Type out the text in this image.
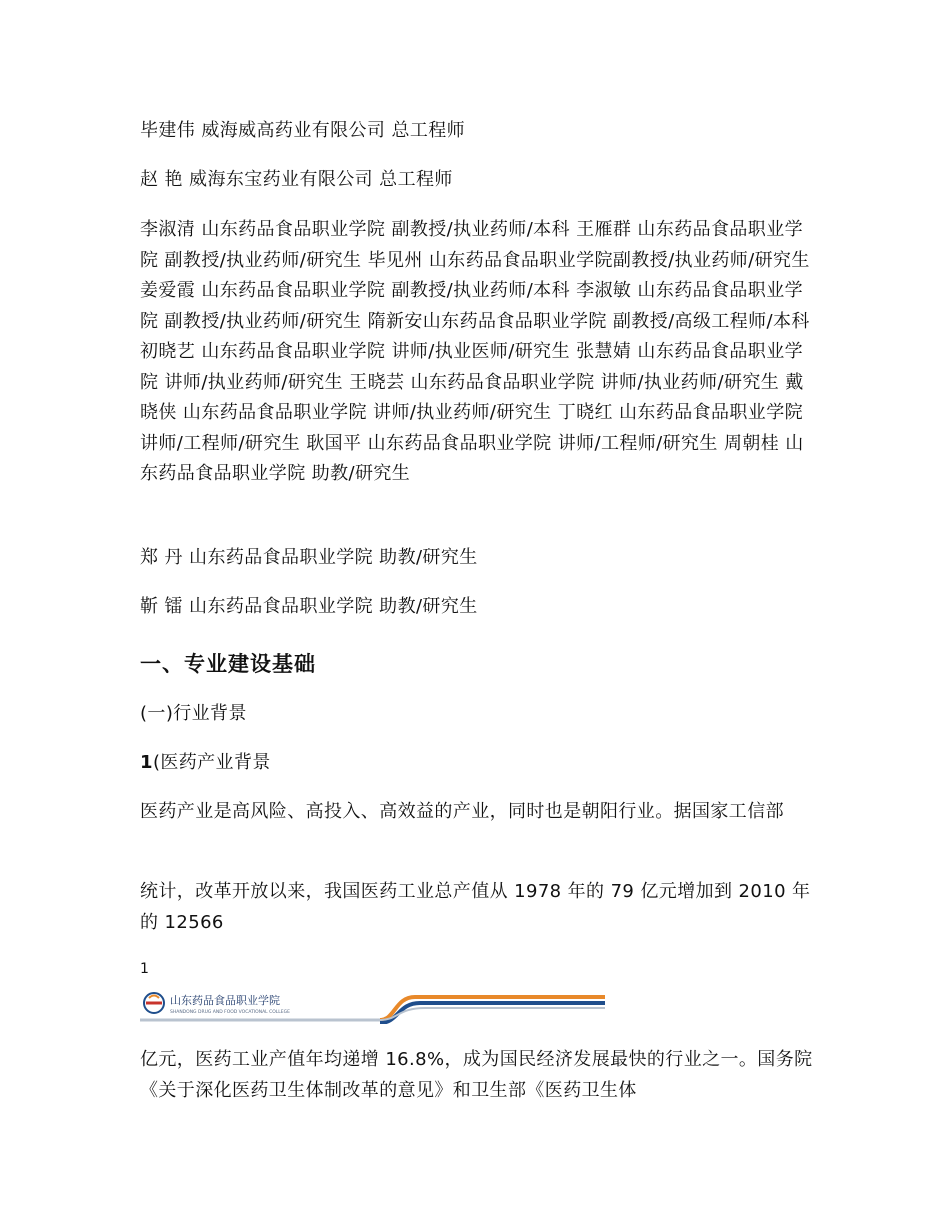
毕建伟 威海威高药业有限公司 总工程师

赵 艳 威海东宝药业有限公司 总工程师

李淑清 山东药品食品职业学院 副教授/执业药师/本科 王雁群 山东药品食品职业学院 副教授/执业药师/研究生 毕见州 山东药品食品职业学院副教授/执业药师/研究生 姜爱霞 山东药品食品职业学院 副教授/执业药师/本科 李淑敏 山东药品食品职业学院 副教授/执业药师/研究生 隋新安山东药品食品职业学院 副教授/高级工程师/本科 初晓艺 山东药品食品职业学院 讲师/执业医师/研究生 张慧婧 山东药品食品职业学院 讲师/执业药师/研究生 王晓芸 山东药品食品职业学院 讲师/执业药师/研究生 戴晓侠 山东药品食品职业学院 讲师/执业药师/研究生 丁晓红 山东药品食品职业学院 讲师/工程师/研究生 耿国平 山东药品食品职业学院 讲师/工程师/研究生 周朝桂 山东药品食品职业学院 助教/研究生

郑 丹 山东药品食品职业学院 助教/研究生

靳 镭 山东药品食品职业学院 助教/研究生

一、专业建设基础

(一)行业背景

1(医药产业背景

医药产业是高风险、高投入、高效益的产业，同时也是朝阳行业。据国家工信部

统计，改革开放以来，我国医药工业总产值从 1978 年的 79 亿元增加到 2010 年的 12566

1

山东药品食品职业学院
SHANDONG DRUG AND FOOD VOCATIONAL COLLEGE

亿元，医药工业产值年均递增 16.8%，成为国民经济发展最快的行业之一。国务院《关于深化医药卫生体制改革的意见》和卫生部《医药卫生体
